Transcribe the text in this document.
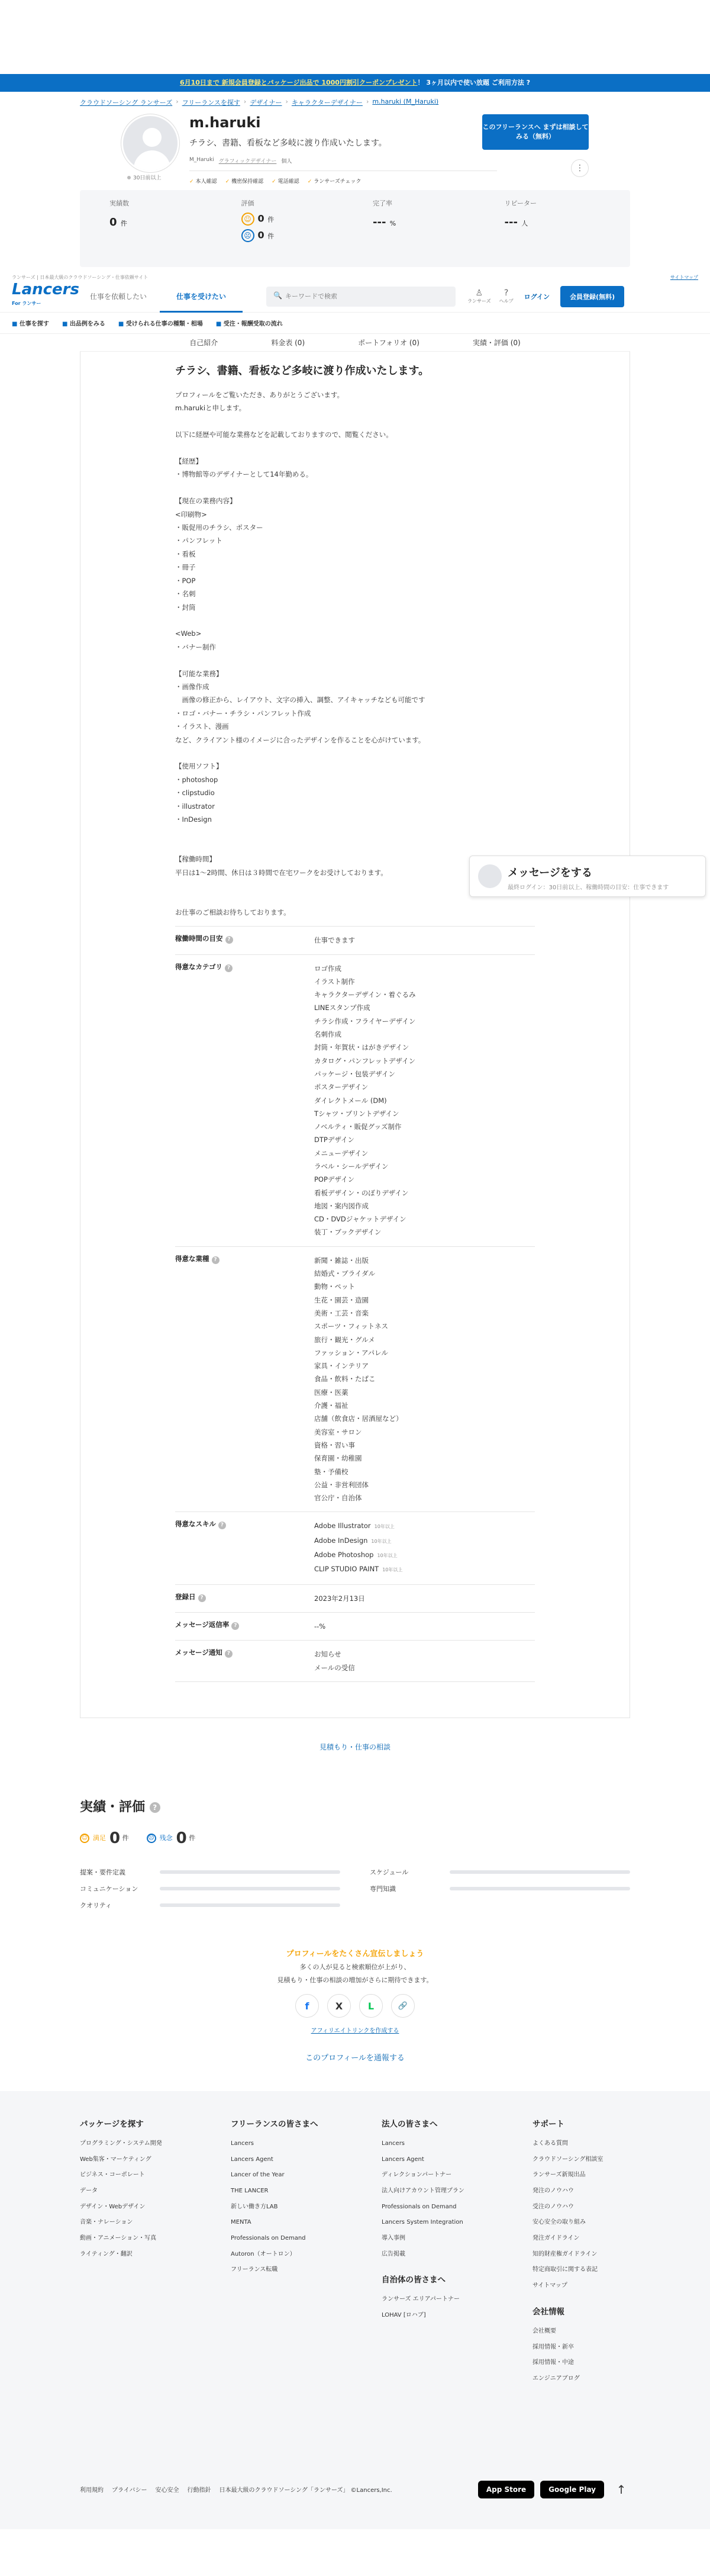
6月10日まで 新規会員登録とパッケージ出品で 1000円割引クーポンプレゼント！ 3ヶ月以内で使い放題 ご利用方法 ?
クラウドソーシング ランサーズ › フリーランスを探す › デザイナー › キャラクターデザイナー › m.haruki (M_Haruki)
30日前以上
m.haruki
チラシ、書籍、看板など多岐に渡り作成いたします。
M_Haruki グラフィックデザイナー 個人
✓ 本人確認	✓ 機密保持確認	✓ 電話確認	✓ ランサーズチェック
このフリーランスへ まずは相談してみる（無料）
⋮
実績数
0 件
評価
☺ 0 件
☹ 0 件
完了率
--- %
リピーター
--- 人
ランサーズ | 日本最大級のクラウドソーシング・仕事依頼サイト	サイトマップ
Lancers
For ランサー
仕事を依頼したい	仕事を受けたい	🔍
キーワードで検索	♙
ランサーズ
?
ヘルプ
ログイン	会員登録(無料)
■ 仕事を探す	■ 出品例をみる	■ 受けられる仕事の種類・相場	■ 受注・報酬受取の流れ
自己紹介	料金表 (0)	ポートフォリオ (0)	実績・評価 (0)
チラシ、書籍、看板など多岐に渡り作成いたします。
プロフィールをご覧いただき、ありがとうございます。
m.harukiと申します。

以下に経歴や可能な業務などを記載しておりますので、閲覧ください。

【経歴】
・博物館等のデザイナーとして14年勤める。

【現在の業務内容】
<印刷物>
・販促用のチラシ、ポスター
・パンフレット
・看板
・冊子
・POP
・名刺
・封筒

<Web>
・バナー制作

【可能な業務】
・画像作成
　画像の修正から、レイアウト、文字の挿入、調整、アイキャッチなども可能です
・ロゴ・バナー・チラシ・パンフレット作成
・イラスト、漫画
など、クライアント様のイメージに合ったデザインを作ることを心がけています。

【使用ソフト】
・photoshop
・clipstudio
・illustrator
・InDesign

【稼働時間】
平日は1〜2時間、休日は３時間で在宅ワークをお受けしております。

お仕事のご相談お待ちしております。
稼働時間の目安 ?	仕事できます
得意なカテゴリ ?	ロゴ作成
イラスト制作
キャラクターデザイン・着ぐるみ
LINEスタンプ作成
チラシ作成・フライヤーデザイン
名刺作成
封筒・年賀状・はがきデザイン
カタログ・パンフレットデザイン
パッケージ・包装デザイン
ポスターデザイン
ダイレクトメール (DM)
Tシャツ・プリントデザイン
ノベルティ・販促グッズ制作
DTPデザイン
メニューデザイン
ラベル・シールデザイン
POPデザイン
看板デザイン・のぼりデザイン
地図・案内図作成
CD・DVDジャケットデザイン
装丁・ブックデザイン
得意な業種 ?	新聞・雑誌・出版
結婚式・ブライダル
動物・ペット
生花・園芸・造園
美術・工芸・音楽
スポーツ・フィットネス
旅行・観光・グルメ
ファッション・アパレル
家具・インテリア
食品・飲料・たばこ
医療・医薬
介護・福祉
店舗（飲食店・居酒屋など）
美容室・サロン
資格・習い事
保育園・幼稚園
塾・予備校
公益・非営利団体
官公庁・自治体
得意なスキル ?	Adobe Illustrator 10年以上
Adobe InDesign 10年以上
Adobe Photoshop 10年以上
CLIP STUDIO PAINT 10年以上
登録日 ?	2023年2月13日
メッセージ返信率 ?	--%
メッセージ通知 ?	お知らせ
メールの受信
メッセージをする
最終ログイン：30日前以上、稼働時間の目安：仕事できます
見積もり・仕事の相談
実績・評価 ?
☺ 満足 0 件	☹ 残念 0 件
提案・要件定義	スケジュール
コミュニケーション	専門知識
クオリティ
プロフィールをたくさん宣伝しましょう
多くの人が見ると検索順位が上がり、
見積もり・仕事の相談の増加がさらに期待できます。
f	X	L	🔗
アフィリエイトリンクを作成する
このプロフィールを通報する
パッケージを探す
プログラミング・システム開発
Web集客・マーケティング
ビジネス・コーポレート
データ
デザイン・Webデザイン
音楽・ナレーション
動画・アニメーション・写真
ライティング・翻訳
フリーランスの皆さまへ
Lancers
Lancers Agent
Lancer of the Year
THE LANCER
新しい働き方LAB
MENTA
Professionals on Demand
Autoron（オートロン）
フリーランス転職
法人の皆さまへ
Lancers
Lancers Agent
ディレクションパートナー
法人向けアカウント管理プラン
Professionals on Demand
Lancers System Integration
導入事例
広告掲載
自治体の皆さまへ
ランサーズ エリアパートナー
LOHAV [ロハブ]
サポート
よくある質問
クラウドソーシング相談室
ランサーズ新規出品
発注のノウハウ
受注のノウハウ
安心安全の取り組み
発注ガイドライン
知的財産権ガイドライン
特定商取引に関する表記
サイトマップ
会社情報
会社概要
採用情報・新卒
採用情報・中途
エンジニアブログ
利用規約 プライバシー 安心安全 行動指針 日本最大級のクラウドソーシング「ランサーズ」 ©Lancers,Inc.	App Store	Google Play	↑
